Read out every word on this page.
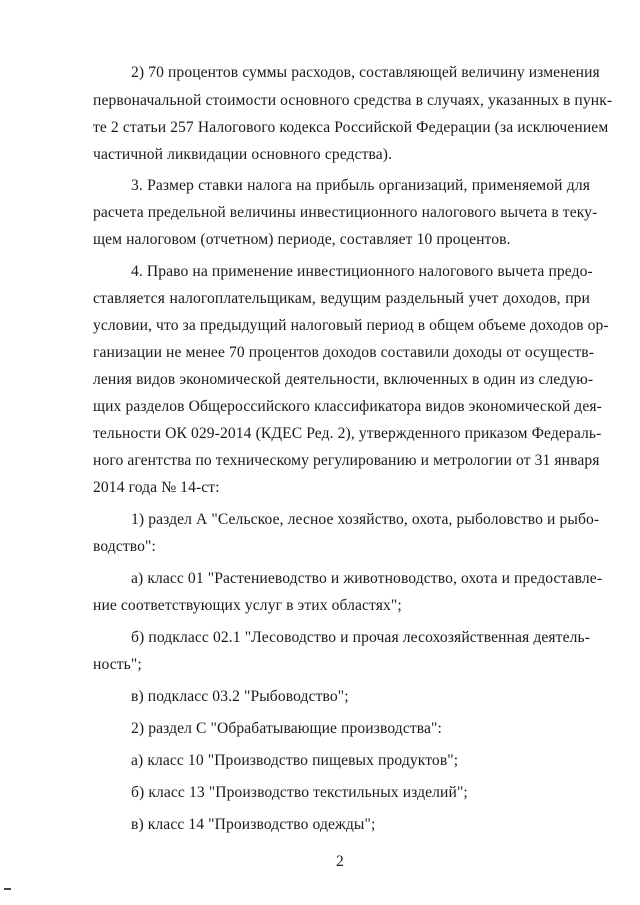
2) 70 процентов суммы расходов, составляющей величину изменения
первоначальной стоимости основного средства в случаях, указанных в пунк-
те 2 статьи 257 Налогового кодекса Российской Федерации (за исключением
частичной ликвидации основного средства).
3. Размер ставки налога на прибыль организаций, применяемой для
расчета предельной величины инвестиционного налогового вычета в теку-
щем налоговом (отчетном) периоде, составляет 10 процентов.
4. Право на применение инвестиционного налогового вычета предо-
ставляется налогоплательщикам, ведущим раздельный учет доходов, при
условии, что за предыдущий налоговый период в общем объеме доходов ор-
ганизации не менее 70 процентов доходов составили доходы от осуществ-
ления видов экономической деятельности, включенных в один из следую-
щих разделов Общероссийского классификатора видов экономической дея-
тельности ОК 029-2014 (КДЕС Ред. 2), утвержденного приказом Федераль-
ного агентства по техническому регулированию и метрологии от 31 января
2014 года № 14-ст:
1) раздел А "Сельское, лесное хозяйство, охота, рыболовство и рыбо-
водство":
а) класс 01 "Растениеводство и животноводство, охота и предоставле-
ние соответствующих услуг в этих областях";
б) подкласс 02.1 "Лесоводство и прочая лесохозяйственная деятель-
ность";
в) подкласс 03.2 "Рыбоводство";
2) раздел С "Обрабатывающие производства":
а) класс 10 "Производство пищевых продуктов";
б) класс 13 "Производство текстильных изделий";
в) класс 14 "Производство одежды";
2
